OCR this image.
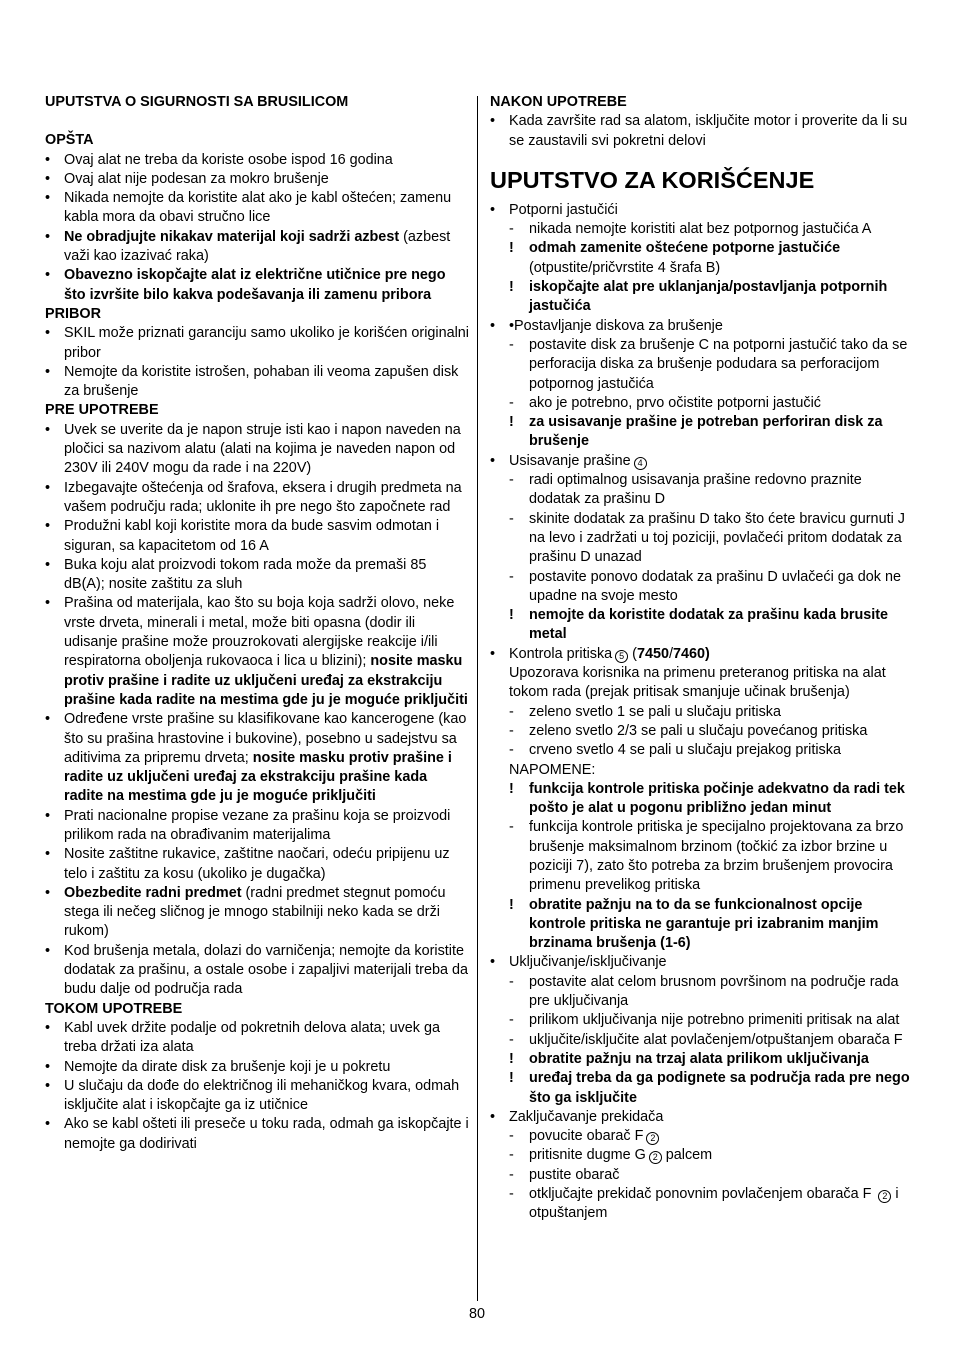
UPUTSTVA O SIGURNOSTI SA BRUSILICOM
OPŠTA
• Ovaj alat ne treba da koriste osobe ispod 16 godina
• Ovaj alat nije podesan za mokro brušenje
• Nikada nemojte da koristite alat ako je kabl oštećen; zamenu kabla mora da obavi stručno lice
• Ne obradjujte nikakav materijal koji sadrži azbest (azbest važi kao izazivać raka)
• Obavezno iskopčajte alat iz električne utičnice pre nego što izvršite bilo kakva podešavanja ili zamenu pribora
PRIBOR
• SKIL može priznati garanciju samo ukoliko je korišćen originalni pribor
• Nemojte da koristite istrošen, pohaban ili veoma zapušen disk za brušenje
PRE UPOTREBE
• Uvek se uverite da je napon struje isti kao i napon naveden na pločici sa nazivom alatu (alati na kojima je naveden napon od 230V ili 240V mogu da rade i na 220V)
• Izbegavajte oštećenja od šrafova, eksera i drugih predmeta na vašem području rada; uklonite ih pre nego što započnete rad
• Produžni kabl koji koristite mora da bude sasvim odmotan i siguran, sa kapacitetom od 16 A
• Buka koju alat proizvodi tokom rada može da premaši 85 dB(A); nosite zaštitu za sluh
• Prašina od materijala, kao što su boja koja sadrži olovo, neke vrste drveta, minerali i metal, može biti opasna (dodir ili udisanje prašine može prouzrokovati alergijske reakcije i/ili respiratorna oboljenja rukovaoca i lica u blizini); nosite masku protiv prašine i radite uz uključeni uređaj za ekstrakciju prašine kada radite na mestima gde ju je moguće priključiti
• Određene vrste prašine su klasifikovane kao kancerogene (kao što su prašina hrastovine i bukovine), posebno u sadejstvu sa aditivima za pripremu drveta; nosite masku protiv prašine i radite uz uključeni uređaj za ekstrakciju prašine kada radite na mestima gde ju je moguće priključiti
• Prati nacionalne propise vezane za prašinu koja se proizvodi prilikom rada na obrađivanim materijalima
• Nosite zaštitne rukavice, zaštitne naočari, odeću pripijenu uz telo i zaštitu za kosu (ukoliko je dugačka)
• Obezbedite radni predmet (radni predmet stegnut pomoću stega ili nečeg sličnog je mnogo stabilniji neko kada se drži rukom)
• Kod brušenja metala, dolazi do varničenja; nemojte da koristite dodatak za prašinu, a ostale osobe i zapaljivi materijali treba da budu dalje od područja rada
TOKOM UPOTREBE
• Kabl uvek držite podalje od pokretnih delova alata; uvek ga treba držati iza alata
• Nemojte da dirate disk za brušenje koji je u pokretu
• U slučaju da dođe do električnog ili mehaničkog kvara, odmah isključite alat i iskopčajte ga iz utičnice
• Ako se kabl ošteti ili preseče u toku rada, odmah ga iskopčajte i nemojte ga dodirivati
NAKON UPOTREBE
• Kada završite rad sa alatom, isključite motor i proverite da li su se zaustavili svi pokretni delovi
UPUTSTVO ZA KORIŠĆENJE
• Potporni jastučići
-	nikada nemojte koristiti alat bez potpornog jastučića A
!	odmah zamenite oštećene potporne jastučiće (otpustite/pričvrstite 4 šrafa B)
!	iskopčajte alat pre uklanjanja/postavljanja potpornih jastučića
• •Postavljanje diskova za brušenje
-	postavite disk za brušenje C na potporni jastučić tako da se perforacija diska za brušenje podudara sa perforacijom potpornog jastučića
-	ako je potrebno, prvo očistite potporni jastučić
!	za usisavanje prašine je potreban perforiran disk za brušenje
• Usisavanje prašine 4
-	radi optimalnog usisavanja prašine redovno praznite dodatak za prašinu D
-	skinite dodatak za prašinu D tako što ćete bravicu gurnuti J na levo i zadržati u toj poziciji, povlačeći pritom dodatak za prašinu D unazad
-	postavite ponovo dodatak za prašinu D uvlačeći ga dok ne upadne na svoje mesto
!	nemojte da koristite dodatak za prašinu kada brusite metal
• Kontrola pritiska 5 (7450/7460)
Upozorava korisnika na primenu preteranog pritiska na alat tokom rada (prejak pritisak smanjuje učinak brušenja)
-	zeleno svetlo 1 se pali u slučaju pritiska
-	zeleno svetlo 2/3 se pali u slučaju povećanog pritiska
-	crveno svetlo 4 se pali u slučaju prejakog pritiska
NAPOMENE:
!	funkcija kontrole pritiska počinje adekvatno da radi tek pošto je alat u pogonu približno jedan minut
-	funkcija kontrole pritiska je specijalno projektovana za brzo brušenje maksimalnom brzinom (točkić za izbor brzine u poziciji 7), zato što potreba za brzim brušenjem provocira primenu prevelikog pritiska
!	obratite pažnju na to da se funkcionalnost opcije kontrole pritiska ne garantuje pri izabranim manjim brzinama brušenja (1-6)
• Uključivanje/isključivanje
-	postavite alat celom brusnom površinom na područje rada pre uključivanja
-	prilikom uključivanja nije potrebno primeniti pritisak na alat
-	uključite/isključite alat povlačenjem/otpuštanjem obarača F
!	obratite pažnju na trzaj alata prilikom uključivanja
!	uređaj treba da ga podignete sa područja rada pre nego što ga isključite
• Zaključavanje prekidača
-	povucite obarač F 2
-	pritisnite dugme G 2 palcem
-	pustite obarač
-	otključajte prekidač ponovnim povlačenjem obarača F 2 i otpuštanjem
80
